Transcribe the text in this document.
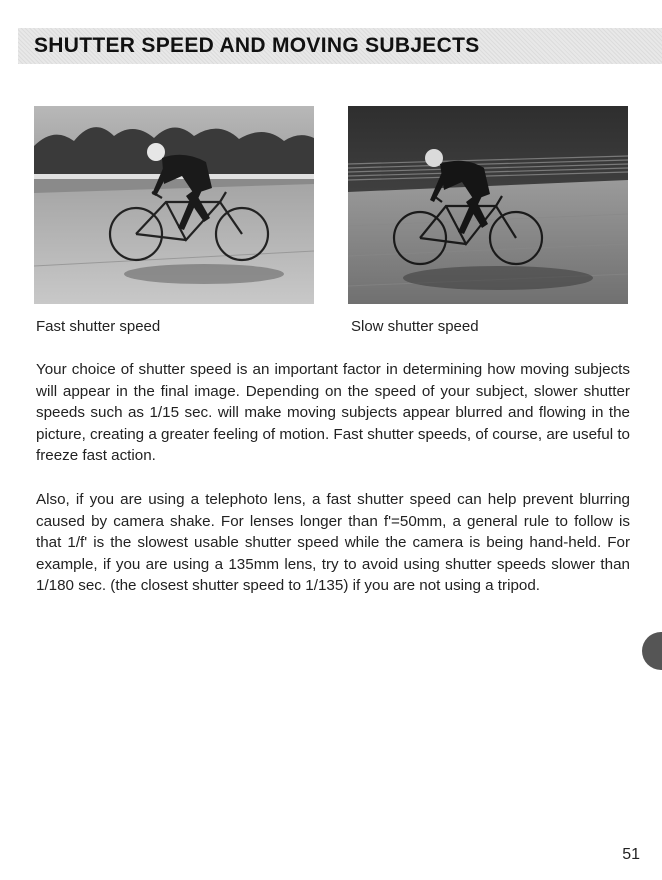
SHUTTER SPEED AND MOVING SUBJECTS
Fast shutter speed	Slow shutter speed

Your choice of shutter speed is an important factor in determining how moving subjects will appear in the final image. Depending on the speed of your subject, slower shutter speeds such as 1/15 sec. will make moving subjects appear blurred and flowing in the picture, creating a greater feeling of motion. Fast shutter speeds, of course, are useful to freeze fast action.

Also, if you are using a telephoto lens, a fast shutter speed can help prevent blurring caused by camera shake. For lenses longer than f'=50mm, a general rule to follow is that 1/f' is the slowest usable shutter speed while the camera is being hand-held. For example, if you are using a 135mm lens, try to avoid using shutter speeds slower than 1/180 sec. (the closest shutter speed to 1/135) if you are not using a tripod.

51
